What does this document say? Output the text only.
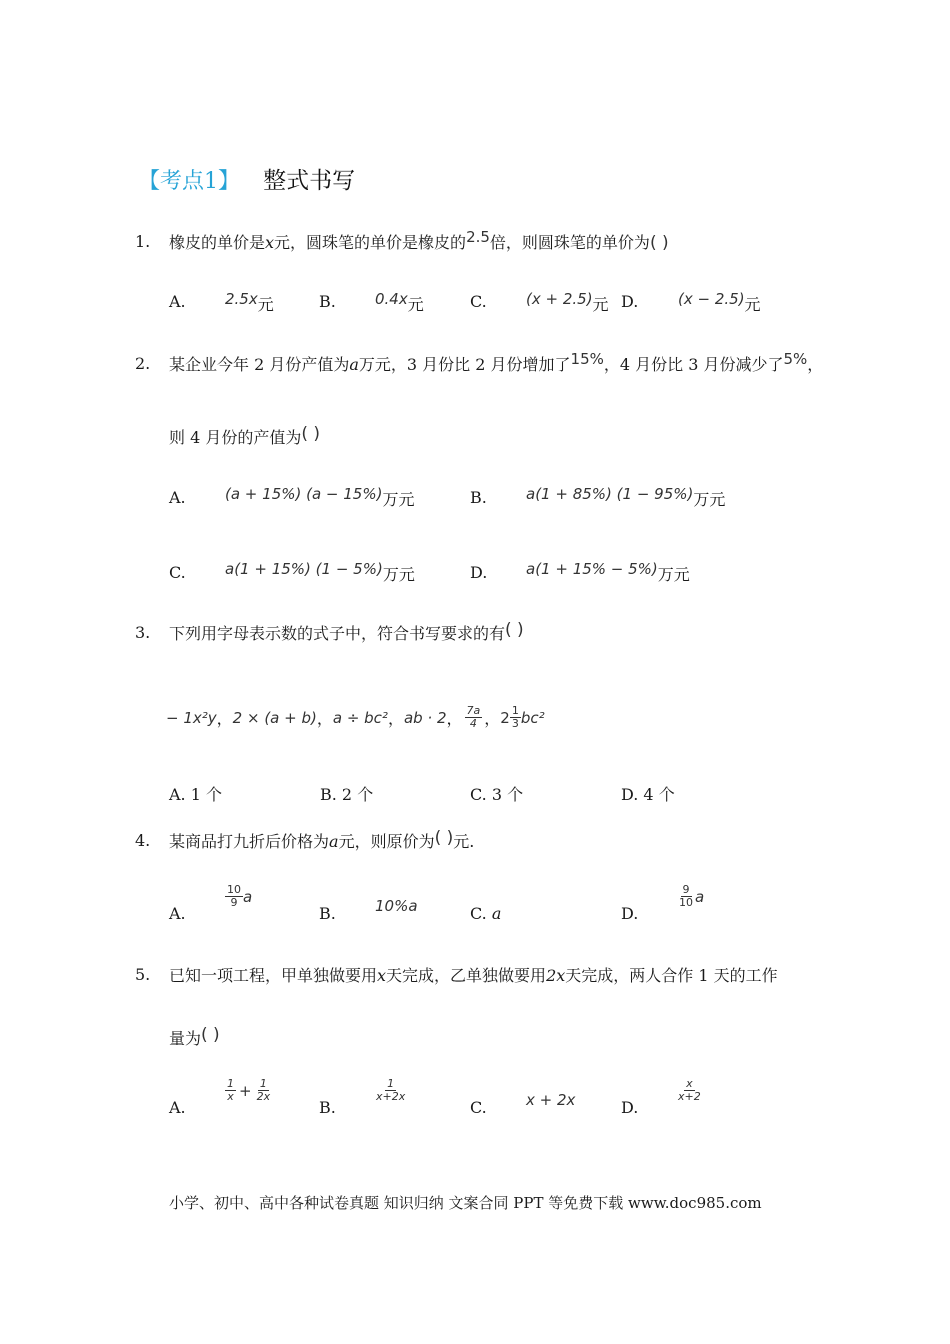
【考点1】 整式书写
1. 橡皮的单价是x元，圆珠笔的单价是橡皮的2.5倍，则圆珠笔的单价为( )
A.	2.5x元	B.	0.4x元	C.	(x + 2.5)元 D.	(x − 2.5)元
2. 某企业今年 2 月份产值为a万元，3 月份比 2 月份增加了15%，4 月份比 3 月份减少了5%，
则 4 月份的产值为( )
A.	(a + 15%) (a − 15%)万元	B.	a(1 + 85%) (1 − 95%)万元
C.	a(1 + 15%) (1 − 5%)万元	D.	a(1 + 15% − 5%)万元
3. 下列用字母表示数的式子中，符合书写要求的有( )
− 1x²y ， 2 × (a + b) ， a ÷ bc² ， ab · 2 ， $\frac{7a}{4}$ ， $2 \frac{1}{3} bc^2$
A. 1 个	B. 2 个	C. 3 个	D. 4 个
4. 某商品打九折后价格为a元，则原价为( )元.
A.
$\frac{10}{9}$ a
B.	10%a	C. a	D.
$\frac{9}{10}$ a
5. 已知一项工程，甲单独做要用x天完成，乙单独做要用2x天完成，两人合作 1 天的工作
量为( )
A.
$\frac{1}{x} + \frac{1}{2x}$
B.
$\frac{1}{x+2x}$
C.	x + 2x	D.
$\frac{x}{x+2}$
小学、初中、高中各种试卷真题 知识归纳 文案合同 PPT 等免费下载 www.doc985.com
